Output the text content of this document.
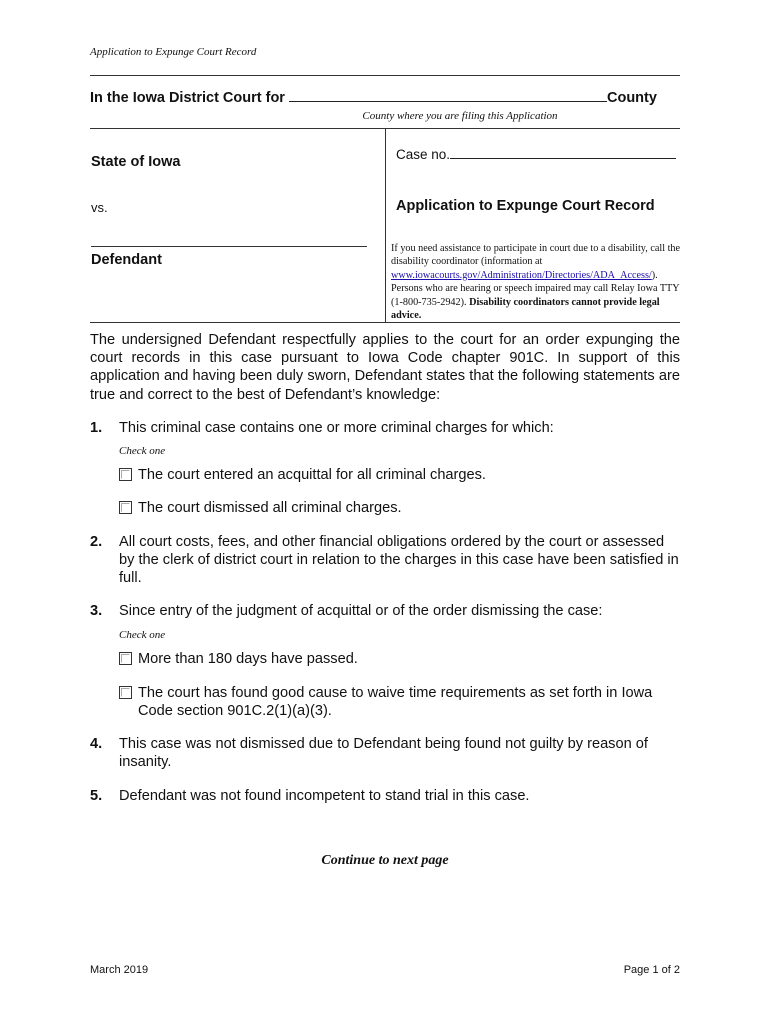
Application to Expunge Court Record
In the Iowa District Court for	County
County where you are filing this Application
State of Iowa
vs.
Defendant
Case no.
Application to Expunge Court Record
If you need assistance to participate in court due to a disability, call the disability coordinator (information at www.iowacourts.gov/Administration/Directories/ADA_Access/). Persons who are hearing or speech impaired may call Relay Iowa TTY (1-800-735-2942). Disability coordinators cannot provide legal advice.
The undersigned Defendant respectfully applies to the court for an order expunging the court records in this case pursuant to Iowa Code chapter 901C. In support of this application and having been duly sworn, Defendant states that the following statements are true and correct to the best of Defendant’s knowledge:
1. This criminal case contains one or more criminal charges for which:
Check one
The court entered an acquittal for all criminal charges.
The court dismissed all criminal charges.
2. All court costs, fees, and other financial obligations ordered by the court or assessed by the clerk of district court in relation to the charges in this case have been satisfied in full.
3. Since entry of the judgment of acquittal or of the order dismissing the case:
Check one
More than 180 days have passed.
The court has found good cause to waive time requirements as set forth in Iowa Code section 901C.2(1)(a)(3).
4. This case was not dismissed due to Defendant being found not guilty by reason of insanity.
5. Defendant was not found incompetent to stand trial in this case.
Continue to next page
March 2019	Page 1 of 2
